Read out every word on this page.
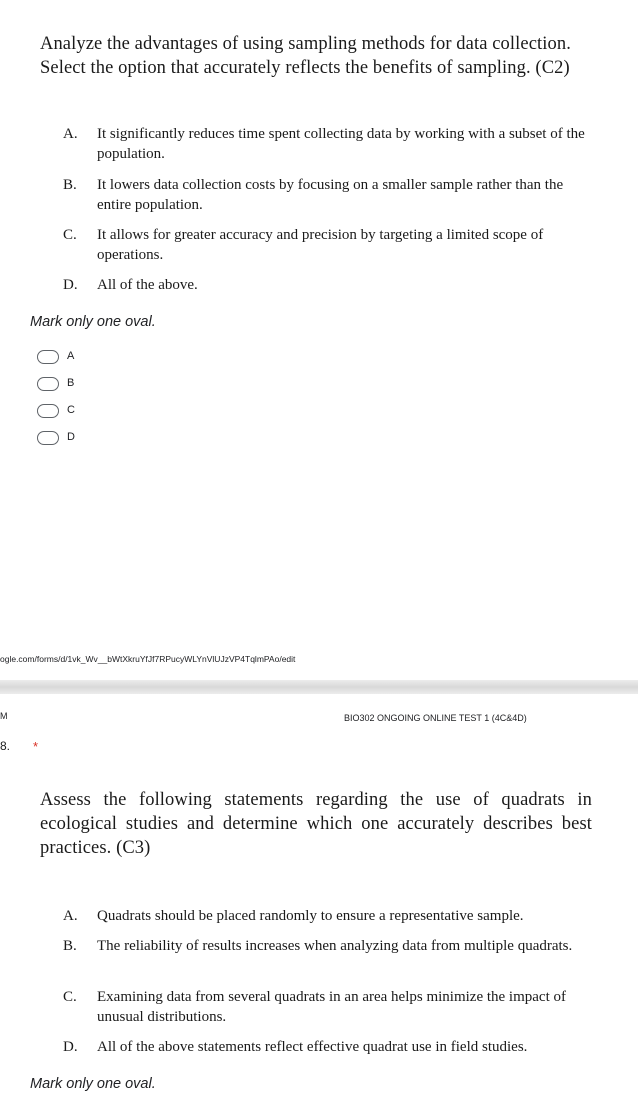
Analyze the advantages of using sampling methods for data collection.
Select the option that accurately reflects the benefits of sampling. (C2)
A. It significantly reduces time spent collecting data by working with a subset of the population.
B. It lowers data collection costs by focusing on a smaller sample rather than the entire population.
C. It allows for greater accuracy and precision by targeting a limited scope of operations.
D. All of the above.
Mark only one oval.
A
B
C
D
ogle.com/forms/d/1vk_Wv__bWtXkruYfJf7RPucyWLYnVlUJzVP4TqlmPAo/edit
M	BIO302 ONGOING ONLINE TEST 1 (4C&4D)
8. *
Assess the following statements regarding the use of quadrats in
ecological studies and determine which one accurately describes best
practices. (C3)
A. Quadrats should be placed randomly to ensure a representative sample.
B. The reliability of results increases when analyzing data from multiple quadrats.
C. Examining data from several quadrats in an area helps minimize the impact of unusual distributions.
D. All of the above statements reflect effective quadrat use in field studies.
Mark only one oval.
